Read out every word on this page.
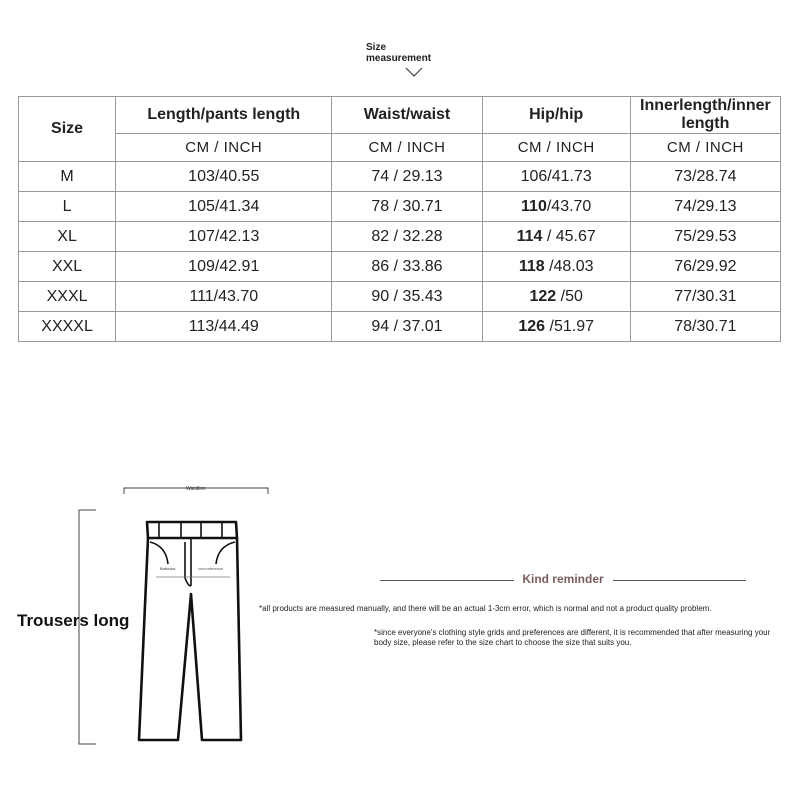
Size
measurement
Size	Length/pants length	Waist/waist	Hip/hip	Innerlength/inner length
	CM / INCH	CM / INCH	CM / INCH	CM / INCH
M	103/40.55	74 / 29.13	106/41.73	73/28.74
L	105/41.34	78 / 30.71	110/43.70	74/29.13
XL	107/42.13	82 / 32.28	114 / 45.67	75/29.53
XXL	109/42.91	86 / 33.86	118 /48.03	76/29.92
XXXL	111/43.70	90 / 35.43	122 /50	77/30.31
XXXXL	113/44.49	94 / 37.01	126 /51.97	78/30.71
Waistline
Buttocks	circumference
Trousers long
Kind reminder
*all products are measured manually, and there will be an actual 1-3cm error, which is normal and not a product quality problem.
*since everyone's clothing style grids and preferences are different, it is recommended that after measuring your body size, please refer to the size chart to choose the size that suits you.
